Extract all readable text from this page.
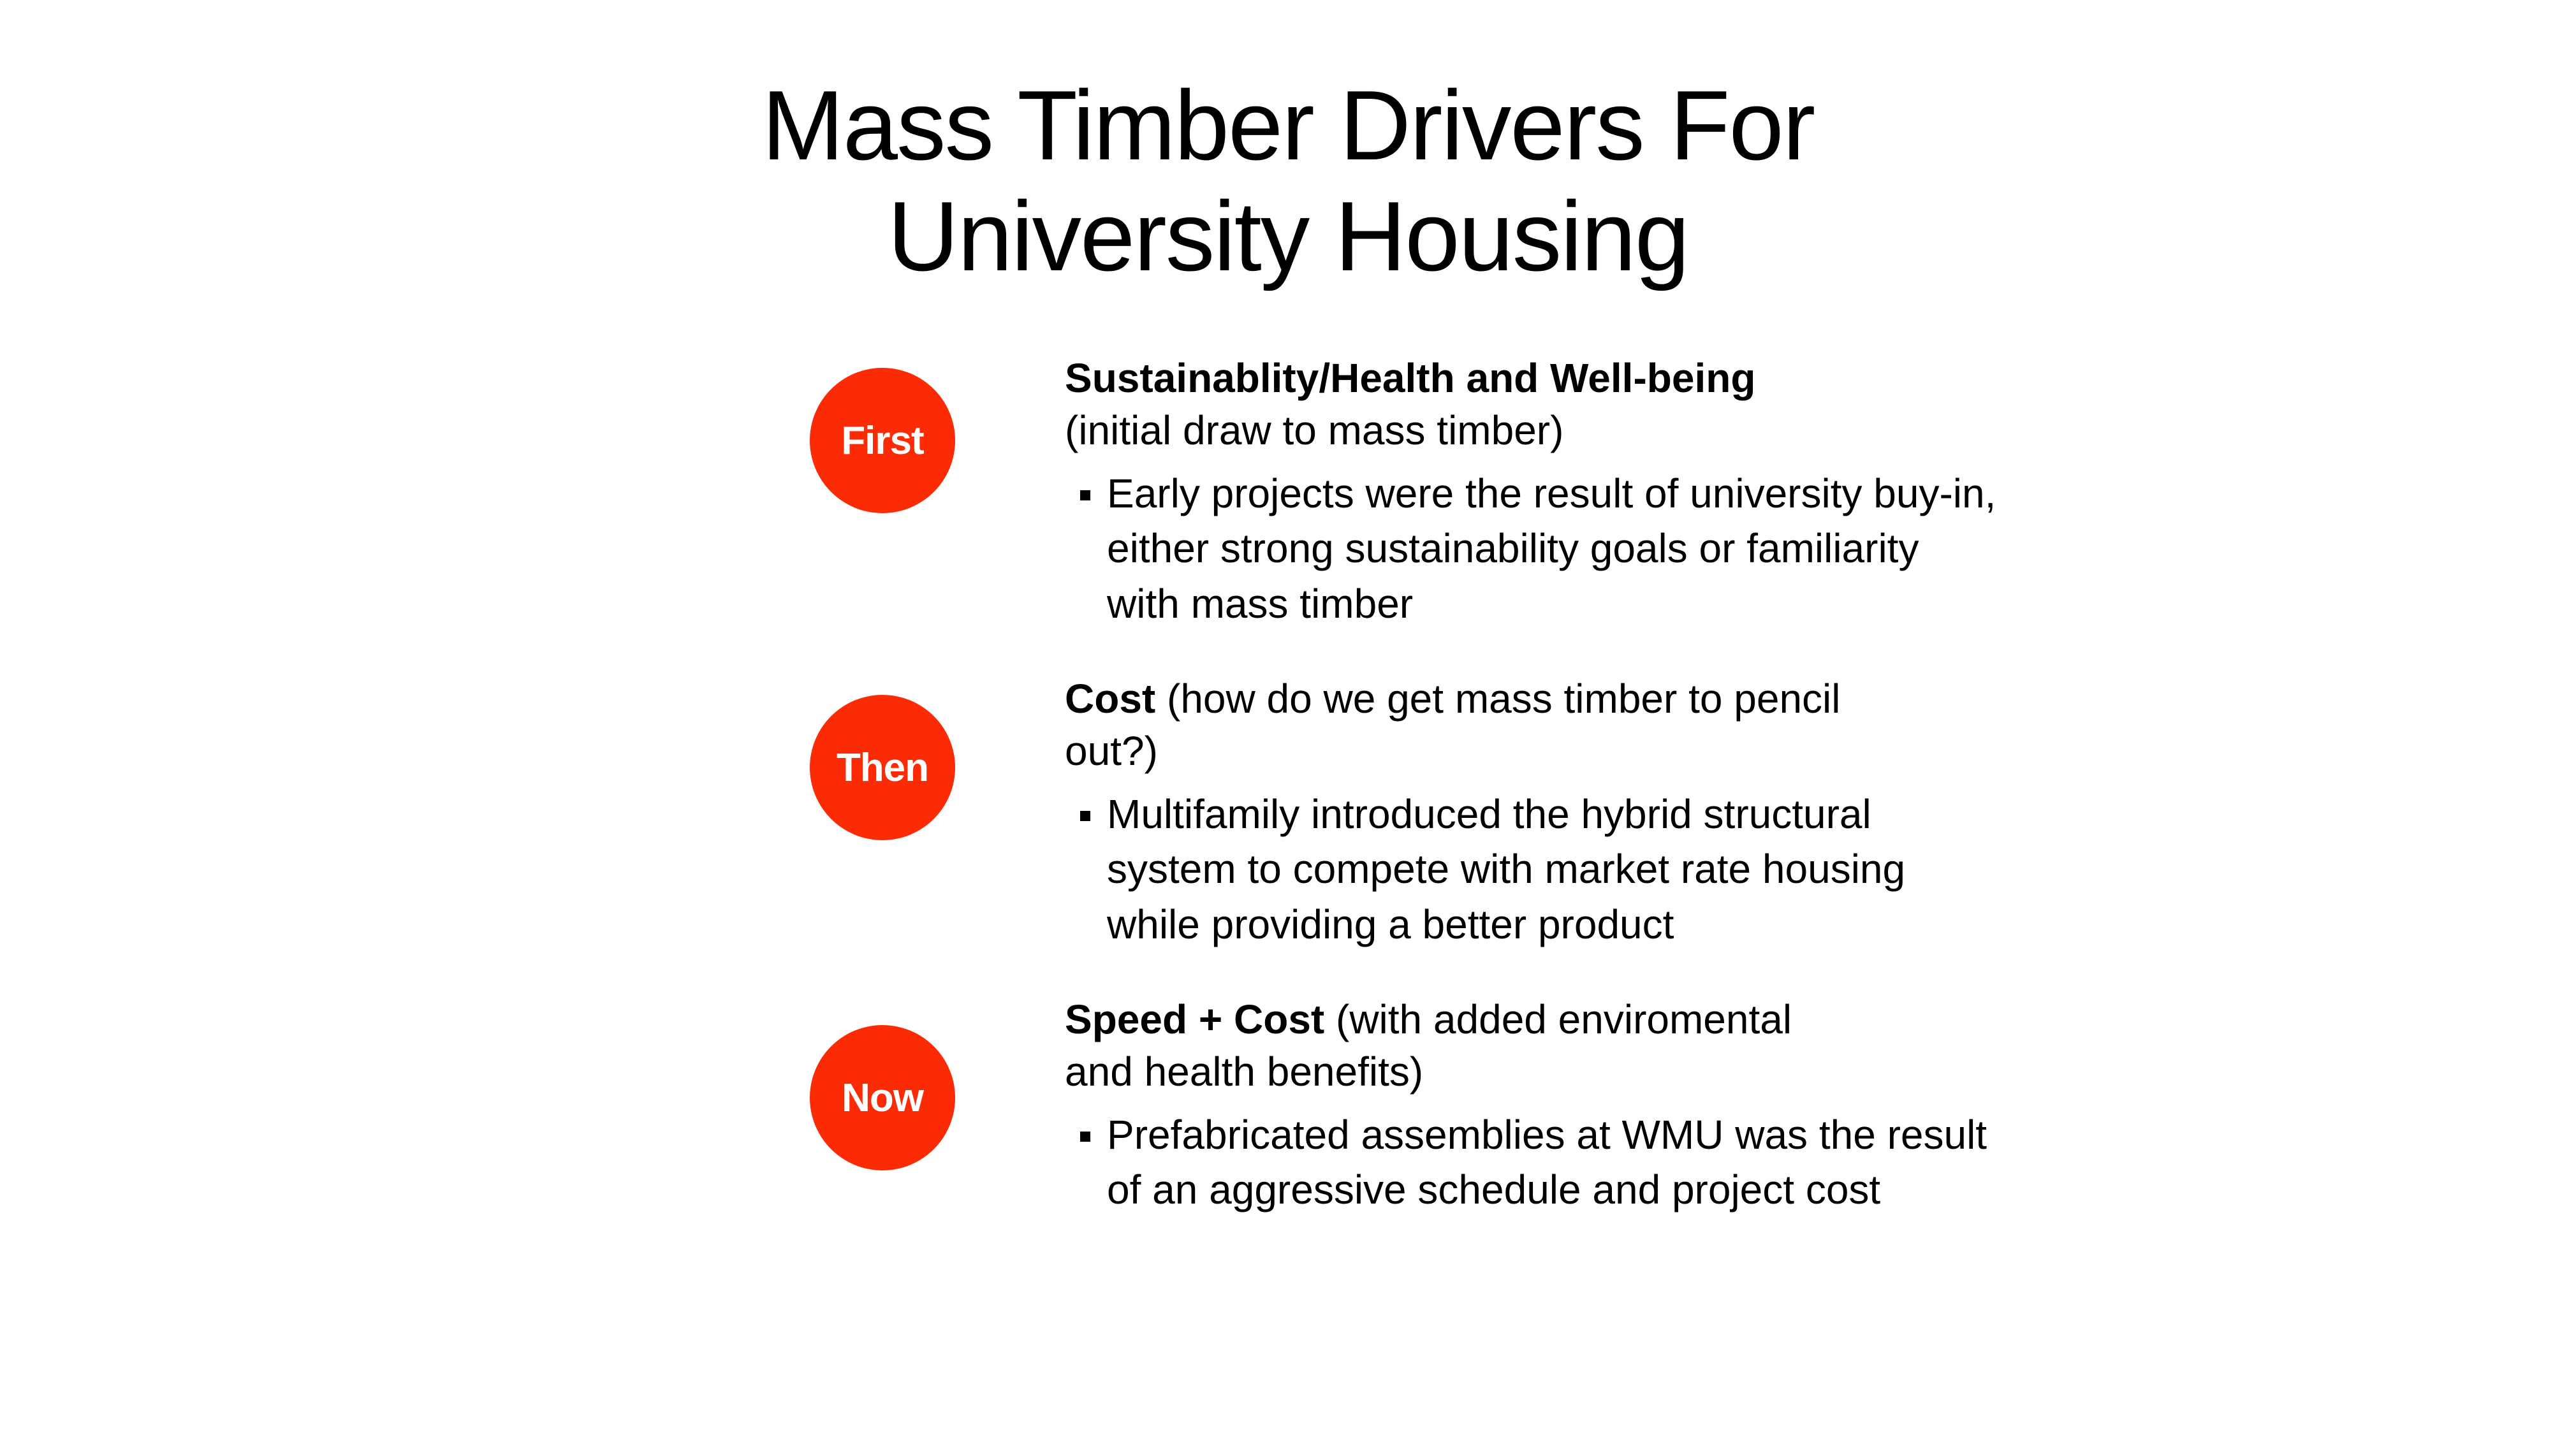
Mass Timber Drivers For University Housing
First
Sustainablity/Health and Well-being
(initial draw to mass timber)
Early projects were the result of university buy-in, either strong sustainability goals or familiarity with mass timber
Then
Cost (how do we get mass timber to pencil out?)
Multifamily introduced the hybrid structural system to compete with market rate housing while providing a better product
Now
Speed + Cost (with added enviromental and health benefits)
Prefabricated assemblies at WMU was the result of an aggressive schedule and project cost
